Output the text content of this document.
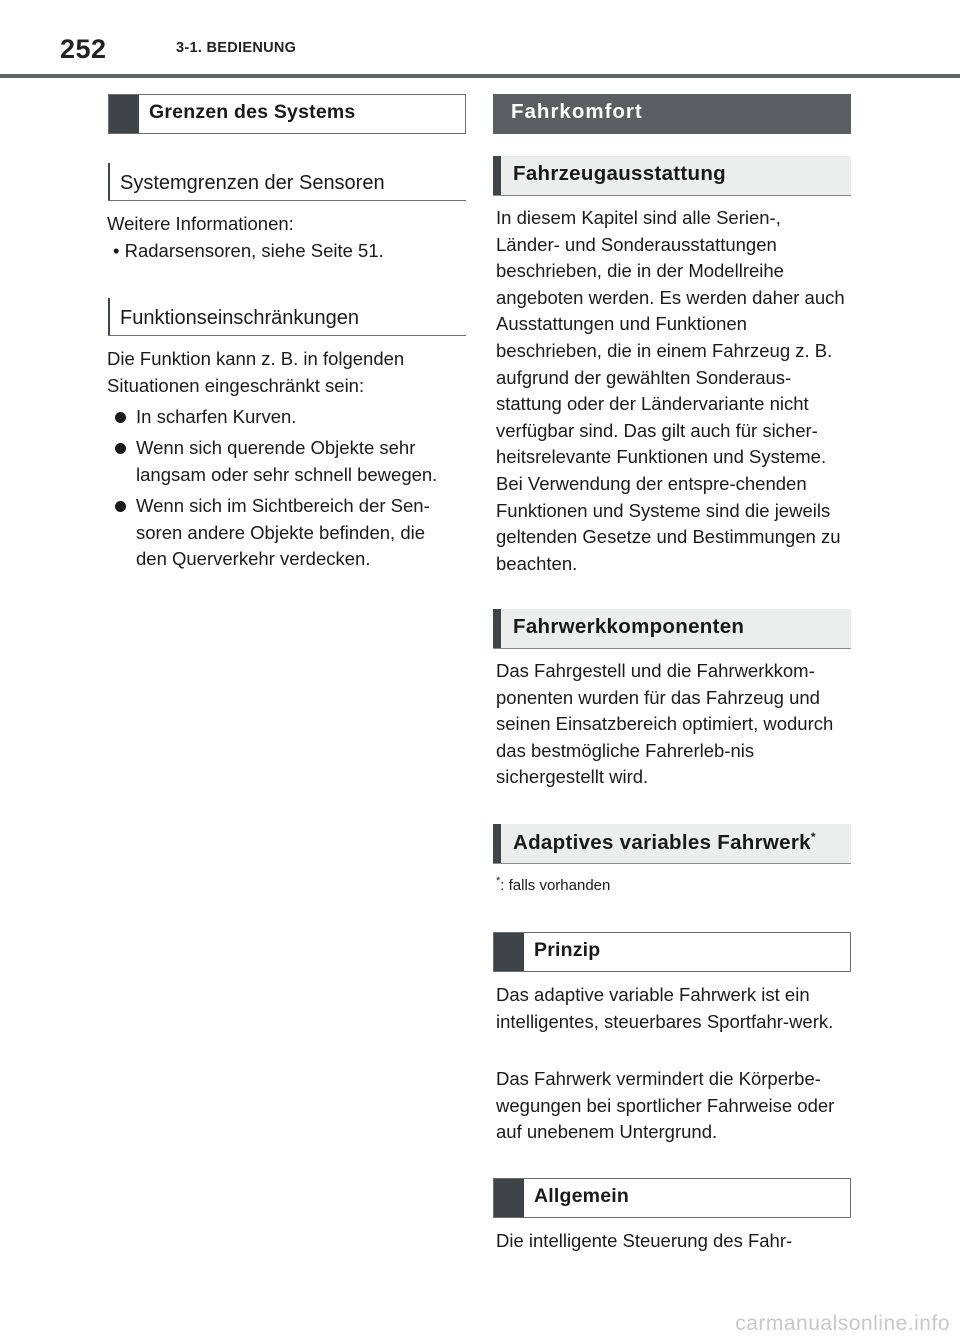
252	3-1. BEDIENUNG
Grenzen des Systems
Systemgrenzen der Sensoren
Weitere Informationen:
• Radarsensoren, siehe Seite 51.
Funktionseinschränkungen
Die Funktion kann z. B. in folgenden Situationen eingeschränkt sein:
In scharfen Kurven.
Wenn sich querende Objekte sehr langsam oder sehr schnell bewegen.
Wenn sich im Sichtbereich der Sen-soren andere Objekte befinden, die den Querverkehr verdecken.
Fahrkomfort
Fahrzeugausstattung
In diesem Kapitel sind alle Serien-, Länder- und Sonderausstattungen beschrieben, die in der Modellreihe angeboten werden. Es werden daher auch Ausstattungen und Funktionen beschrieben, die in einem Fahrzeug z. B. aufgrund der gewählten Sonderaus-stattung oder der Ländervariante nicht verfügbar sind. Das gilt auch für sicher-heitsrelevante Funktionen und Systeme. Bei Verwendung der entspre-chenden Funktionen und Systeme sind die jeweils geltenden Gesetze und Bestimmungen zu beachten.
Fahrwerkkomponenten
Das Fahrgestell und die Fahrwerkkom-ponenten wurden für das Fahrzeug und seinen Einsatzbereich optimiert, wodurch das bestmögliche Fahrerleb-nis sichergestellt wird.
Adaptives variables Fahrwerk*
*: falls vorhanden
Prinzip
Das adaptive variable Fahrwerk ist ein intelligentes, steuerbares Sportfahr-werk.
Das Fahrwerk vermindert die Körperbe-wegungen bei sportlicher Fahrweise oder auf unebenem Untergrund.
Allgemein
Die intelligente Steuerung des Fahr-
carmanualsonline.info
